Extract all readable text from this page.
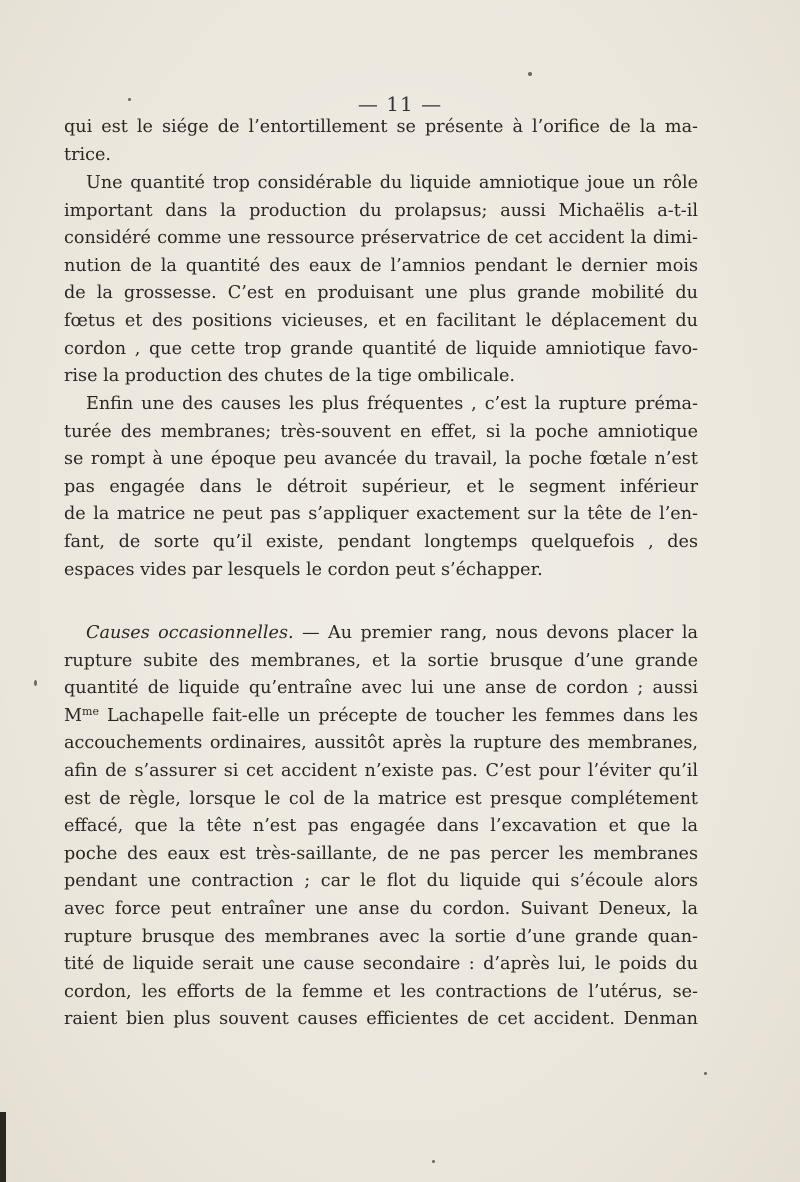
— 11 —
qui est le siége de l’entortillement se présente à l’orifice de la ma-
trice.
Une quantité trop considérable du liquide amniotique joue un rôle
important dans la production du prolapsus; aussi Michaëlis a-t-il
considéré comme une ressource préservatrice de cet accident la dimi-
nution de la quantité des eaux de l’amnios pendant le dernier mois
de la grossesse. C’est en produisant une plus grande mobilité du
fœtus et des positions vicieuses, et en facilitant le déplacement du
cordon , que cette trop grande quantité de liquide amniotique favo-
rise la production des chutes de la tige ombilicale.
Enfin une des causes les plus fréquentes , c’est la rupture préma-
turée des membranes; très-souvent en effet, si la poche amniotique
se rompt à une époque peu avancée du travail, la poche fœtale n’est
pas engagée dans le détroit supérieur, et le segment inférieur
de la matrice ne peut pas s’appliquer exactement sur la tête de l’en-
fant, de sorte qu’il existe, pendant longtemps quelquefois , des
espaces vides par lesquels le cordon peut s’échapper.
Causes occasionnelles. — Au premier rang, nous devons placer la
rupture subite des membranes, et la sortie brusque d’une grande
quantité de liquide qu’entraîne avec lui une anse de cordon ; aussi
$M^{me}$ Lachapelle fait-elle un précepte de toucher les femmes dans les
accouchements ordinaires, aussitôt après la rupture des membranes,
afin de s’assurer si cet accident n’existe pas. C’est pour l’éviter qu’il
est de règle, lorsque le col de la matrice est presque complétement
effacé, que la tête n’est pas engagée dans l’excavation et que la
poche des eaux est très-saillante, de ne pas percer les membranes
pendant une contraction ; car le flot du liquide qui s’écoule alors
avec force peut entraîner une anse du cordon. Suivant Deneux, la
rupture brusque des membranes avec la sortie d’une grande quan-
tité de liquide serait une cause secondaire : d’après lui, le poids du
cordon, les efforts de la femme et les contractions de l’utérus, se-
raient bien plus souvent causes efficientes de cet accident. Denman
